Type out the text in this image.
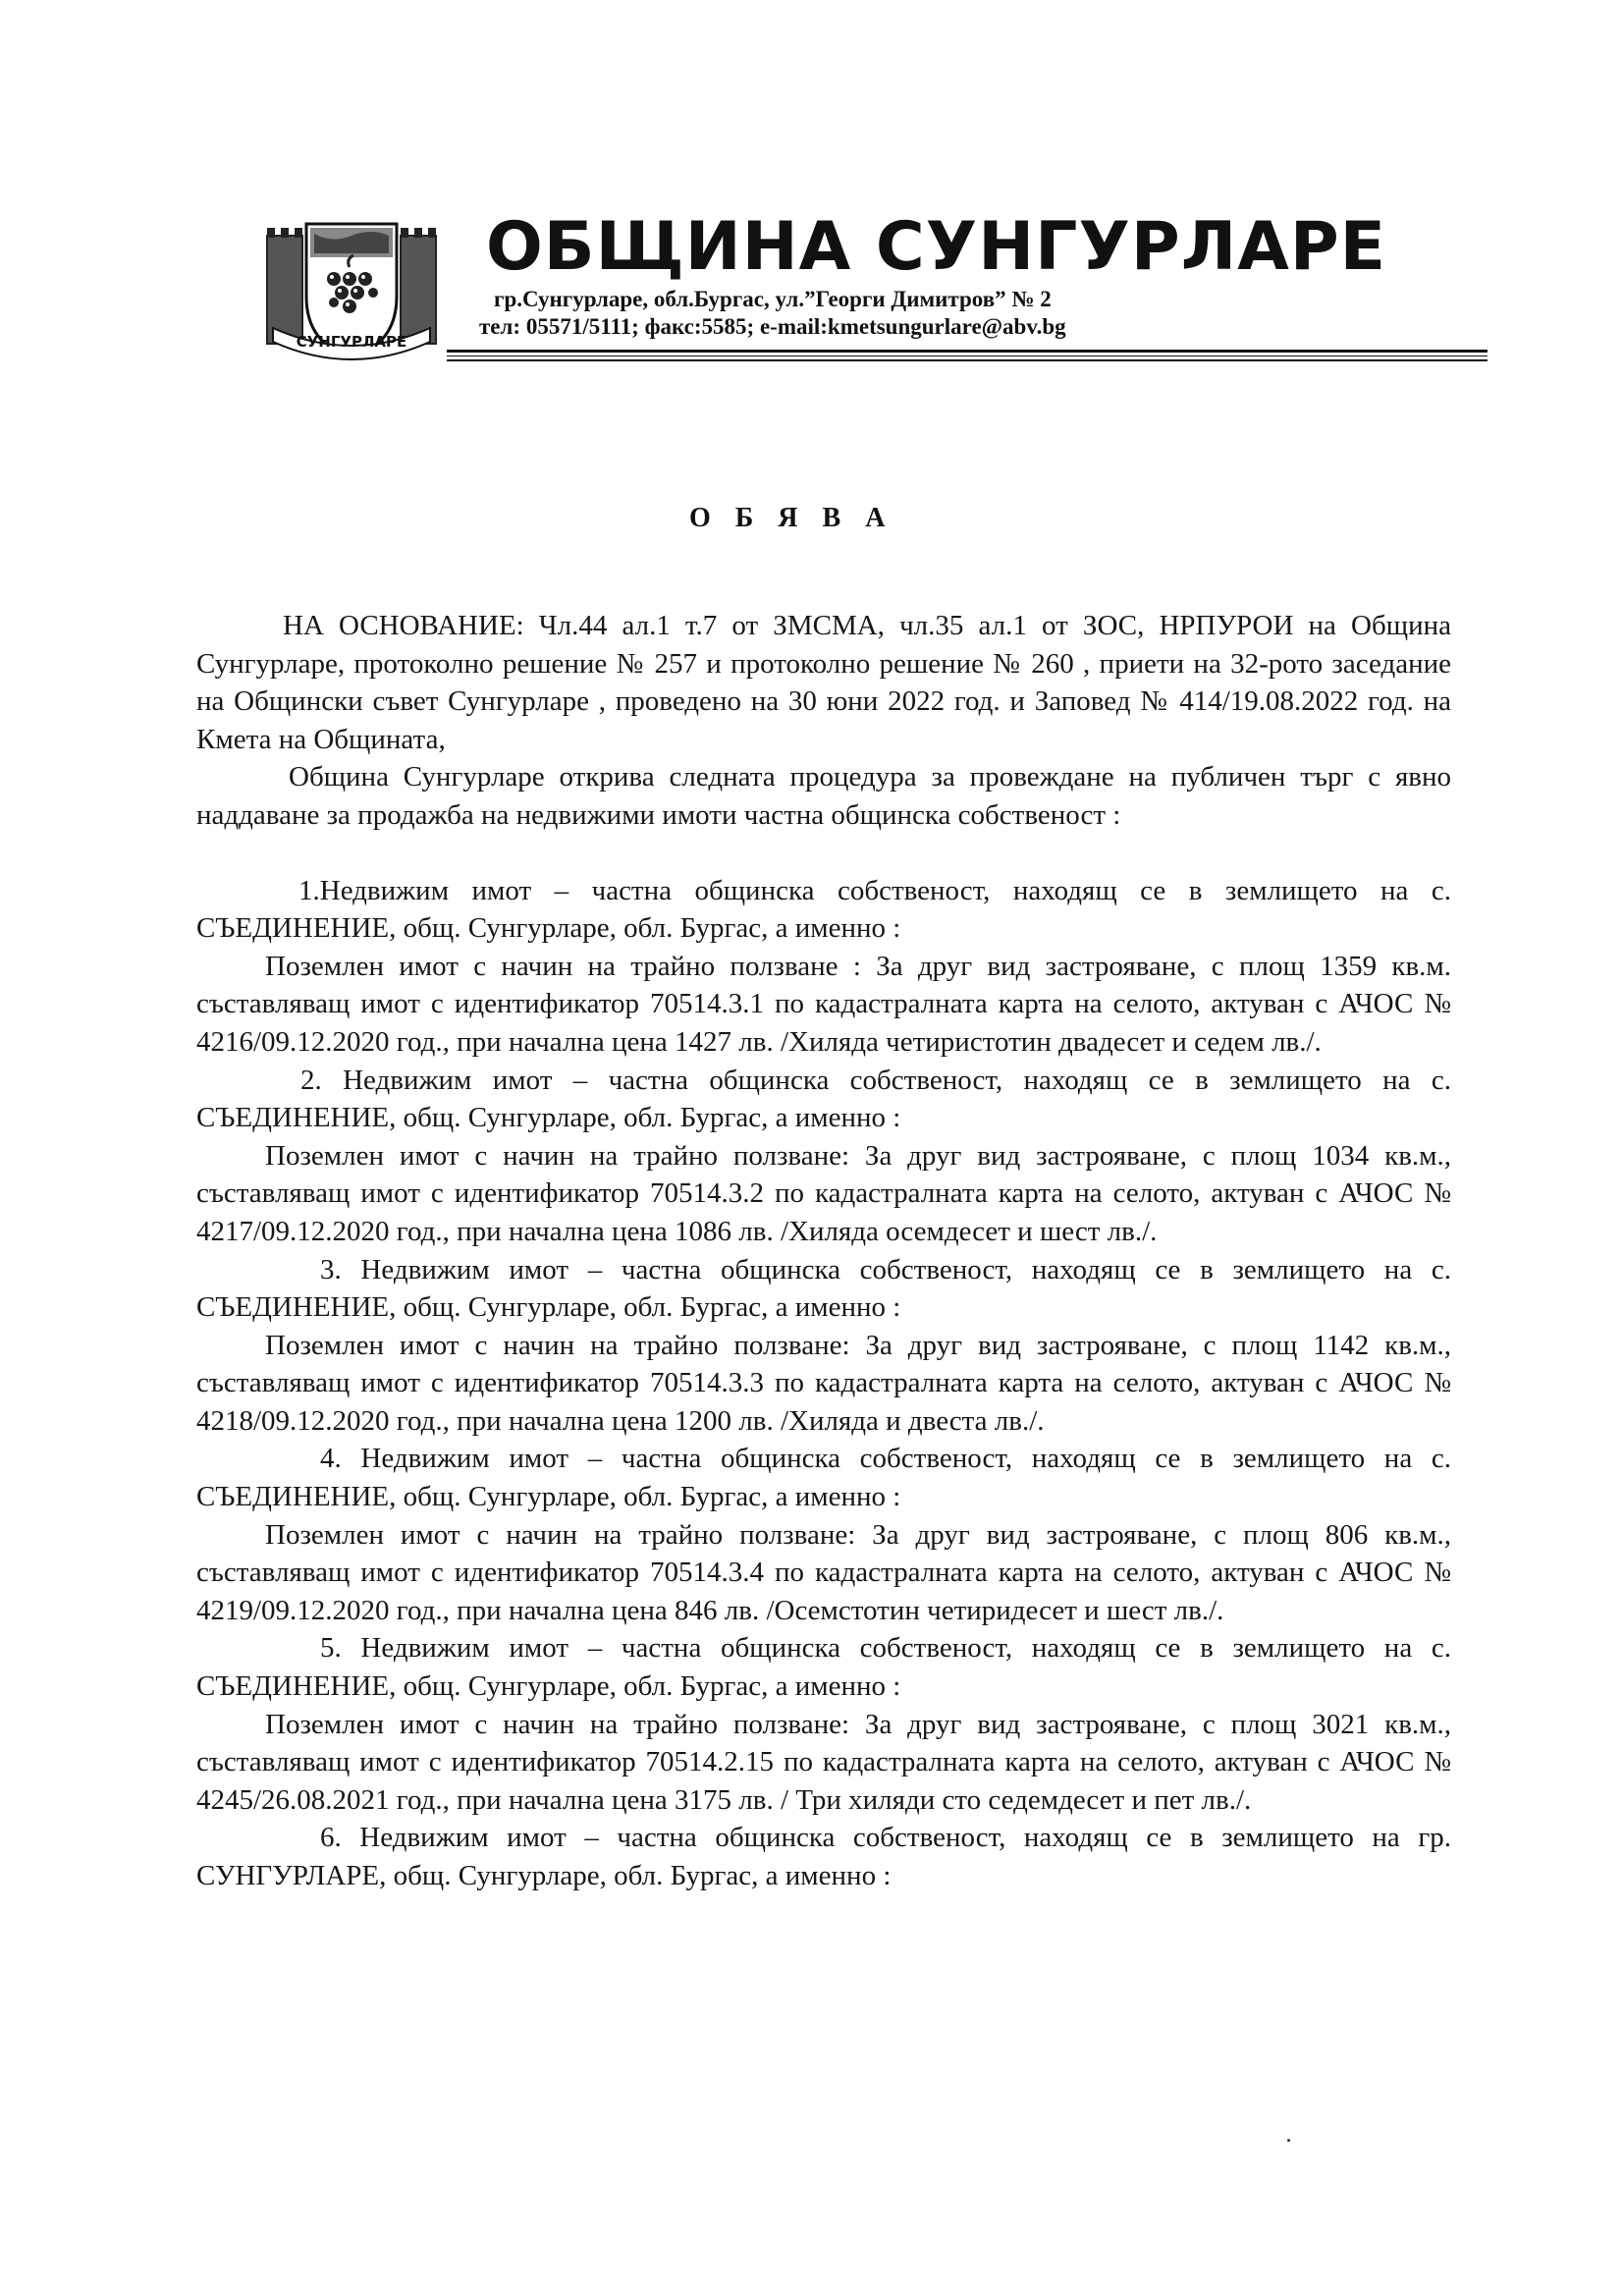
СУНГУРЛАРЕ
ОБЩИНА СУНГУРЛАРЕ
гр.Сунгурларе, обл.Бургас, ул.”Георги Димитров” № 2
тел: 05571/5111; факс:5585; e-mail:kmetsungurlare@abv.bg
О Б Я В А

НА ОСНОВАНИЕ: Чл.44 ал.1 т.7 от ЗМСМА, чл.35 ал.1 от ЗОС, НРПУРОИ на Община Сунгурларе, протоколно решение № 257 и протоколно решение № 260 , приети на 32-рото заседание на Общински съвет Сунгурларе , проведено на 30 юни 2022 год. и Заповед № 414/19.08.2022 год. на Кмета на Общината,

Община Сунгурларе открива следната процедура за провеждане на публичен търг с явно наддаване за продажба на недвижими имоти частна общинска собственост :

1.Недвижим имот – частна общинска собственост, находящ се в землището на с. СЪЕДИНЕНИЕ, общ. Сунгурларе, обл. Бургас, а именно :

Поземлен имот с начин на трайно ползване : За друг вид застрояване, с площ 1359 кв.м. съставляващ имот с идентификатор 70514.3.1 по кадастралната карта на селото, актуван с АЧОС № 4216/09.12.2020 год., при начална цена 1427 лв. /Хиляда четиристотин двадесет и седем лв./.

2. Недвижим имот – частна общинска собственост, находящ се в землището на с. СЪЕДИНЕНИЕ, общ. Сунгурларе, обл. Бургас, а именно :

Поземлен имот с начин на трайно ползване: За друг вид застрояване, с площ 1034 кв.м., съставляващ имот с идентификатор 70514.3.2 по кадастралната карта на селото, актуван с АЧОС № 4217/09.12.2020 год., при начална цена 1086 лв. /Хиляда осемдесет и шест лв./.

3. Недвижим имот – частна общинска собственост, находящ се в землището на с. СЪЕДИНЕНИЕ, общ. Сунгурларе, обл. Бургас, а именно :

Поземлен имот с начин на трайно ползване: За друг вид застрояване, с площ 1142 кв.м., съставляващ имот с идентификатор 70514.3.3 по кадастралната карта на селото, актуван с АЧОС № 4218/09.12.2020 год., при начална цена 1200 лв. /Хиляда и двеста лв./.

4. Недвижим имот – частна общинска собственост, находящ се в землището на с. СЪЕДИНЕНИЕ, общ. Сунгурларе, обл. Бургас, а именно :

Поземлен имот с начин на трайно ползване: За друг вид застрояване, с площ 806 кв.м., съставляващ имот с идентификатор 70514.3.4 по кадастралната карта на селото, актуван с АЧОС № 4219/09.12.2020 год., при начална цена 846 лв. /Осемстотин четиридесет и шест лв./.

5. Недвижим имот – частна общинска собственост, находящ се в землището на с. СЪЕДИНЕНИЕ, общ. Сунгурларе, обл. Бургас, а именно :

Поземлен имот с начин на трайно ползване: За друг вид застрояване, с площ 3021 кв.м., съставляващ имот с идентификатор 70514.2.15 по кадастралната карта на селото, актуван с АЧОС № 4245/26.08.2021 год., при начална цена 3175 лв. / Три хиляди сто седемдесет и пет лв./.

6. Недвижим имот – частна общинска собственост, находящ се в землището на гр. СУНГУРЛАРЕ, общ. Сунгурларе, обл. Бургас, а именно :
